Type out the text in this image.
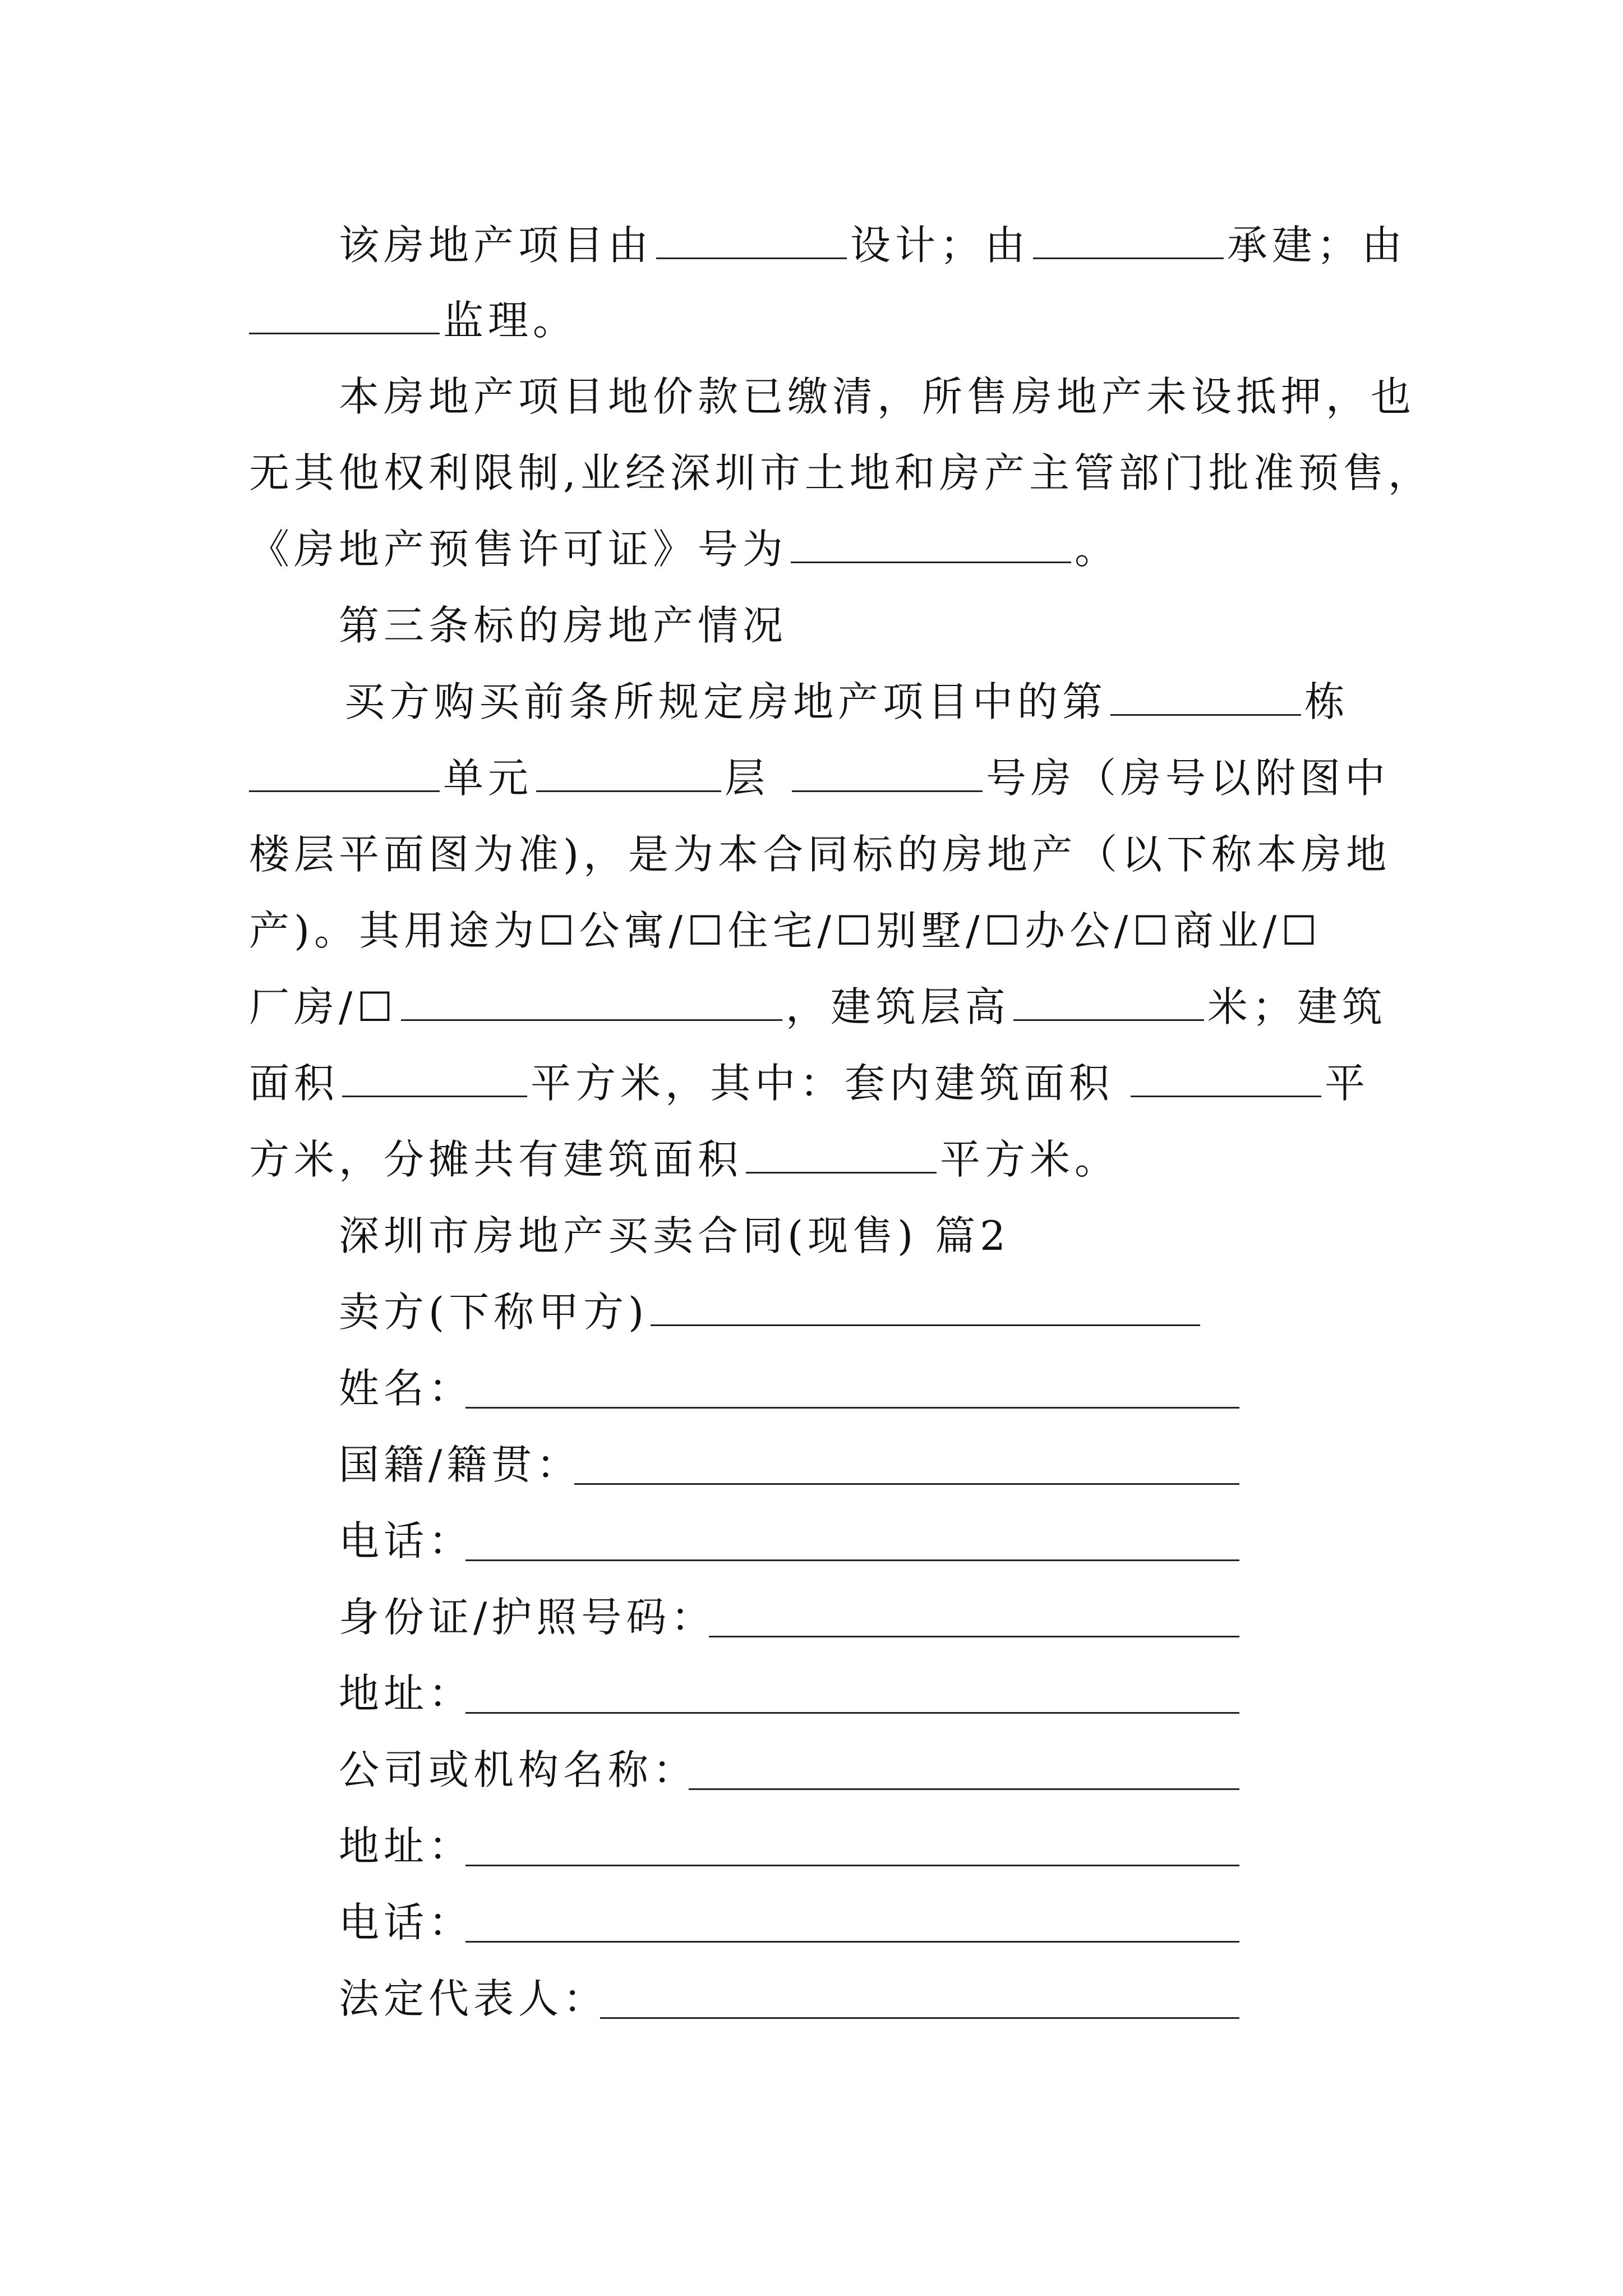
该房地产项目由	设计；由	承建；由
监理。
本房地产项目地价款已缴清，所售房地产未设抵押，也
无其他权利限制,业经深圳市土地和房产主管部门批准预售，
《房地产预售许可证》号为	。
第三条标的房地产情况
买方购买前条所规定房地产项目中的第	栋
单元	层	号房（房号以附图中
楼层平面图为准)，是为本合同标的房地产（以下称本房地
产)。其用途为☐公寓/☐住宅/☐别墅/☐办公/☐商业/☐
厂房/☐	，建筑层高	米；建筑
面积	平方米，其中：套内建筑面积	平
方米，分摊共有建筑面积	平方米。
深圳市房地产买卖合同(现售) 篇2
卖方(下称甲方)
姓名：
国籍/籍贯：
电话：
身份证/护照号码：
地址：
公司或机构名称：
地址：
电话：
法定代表人：
